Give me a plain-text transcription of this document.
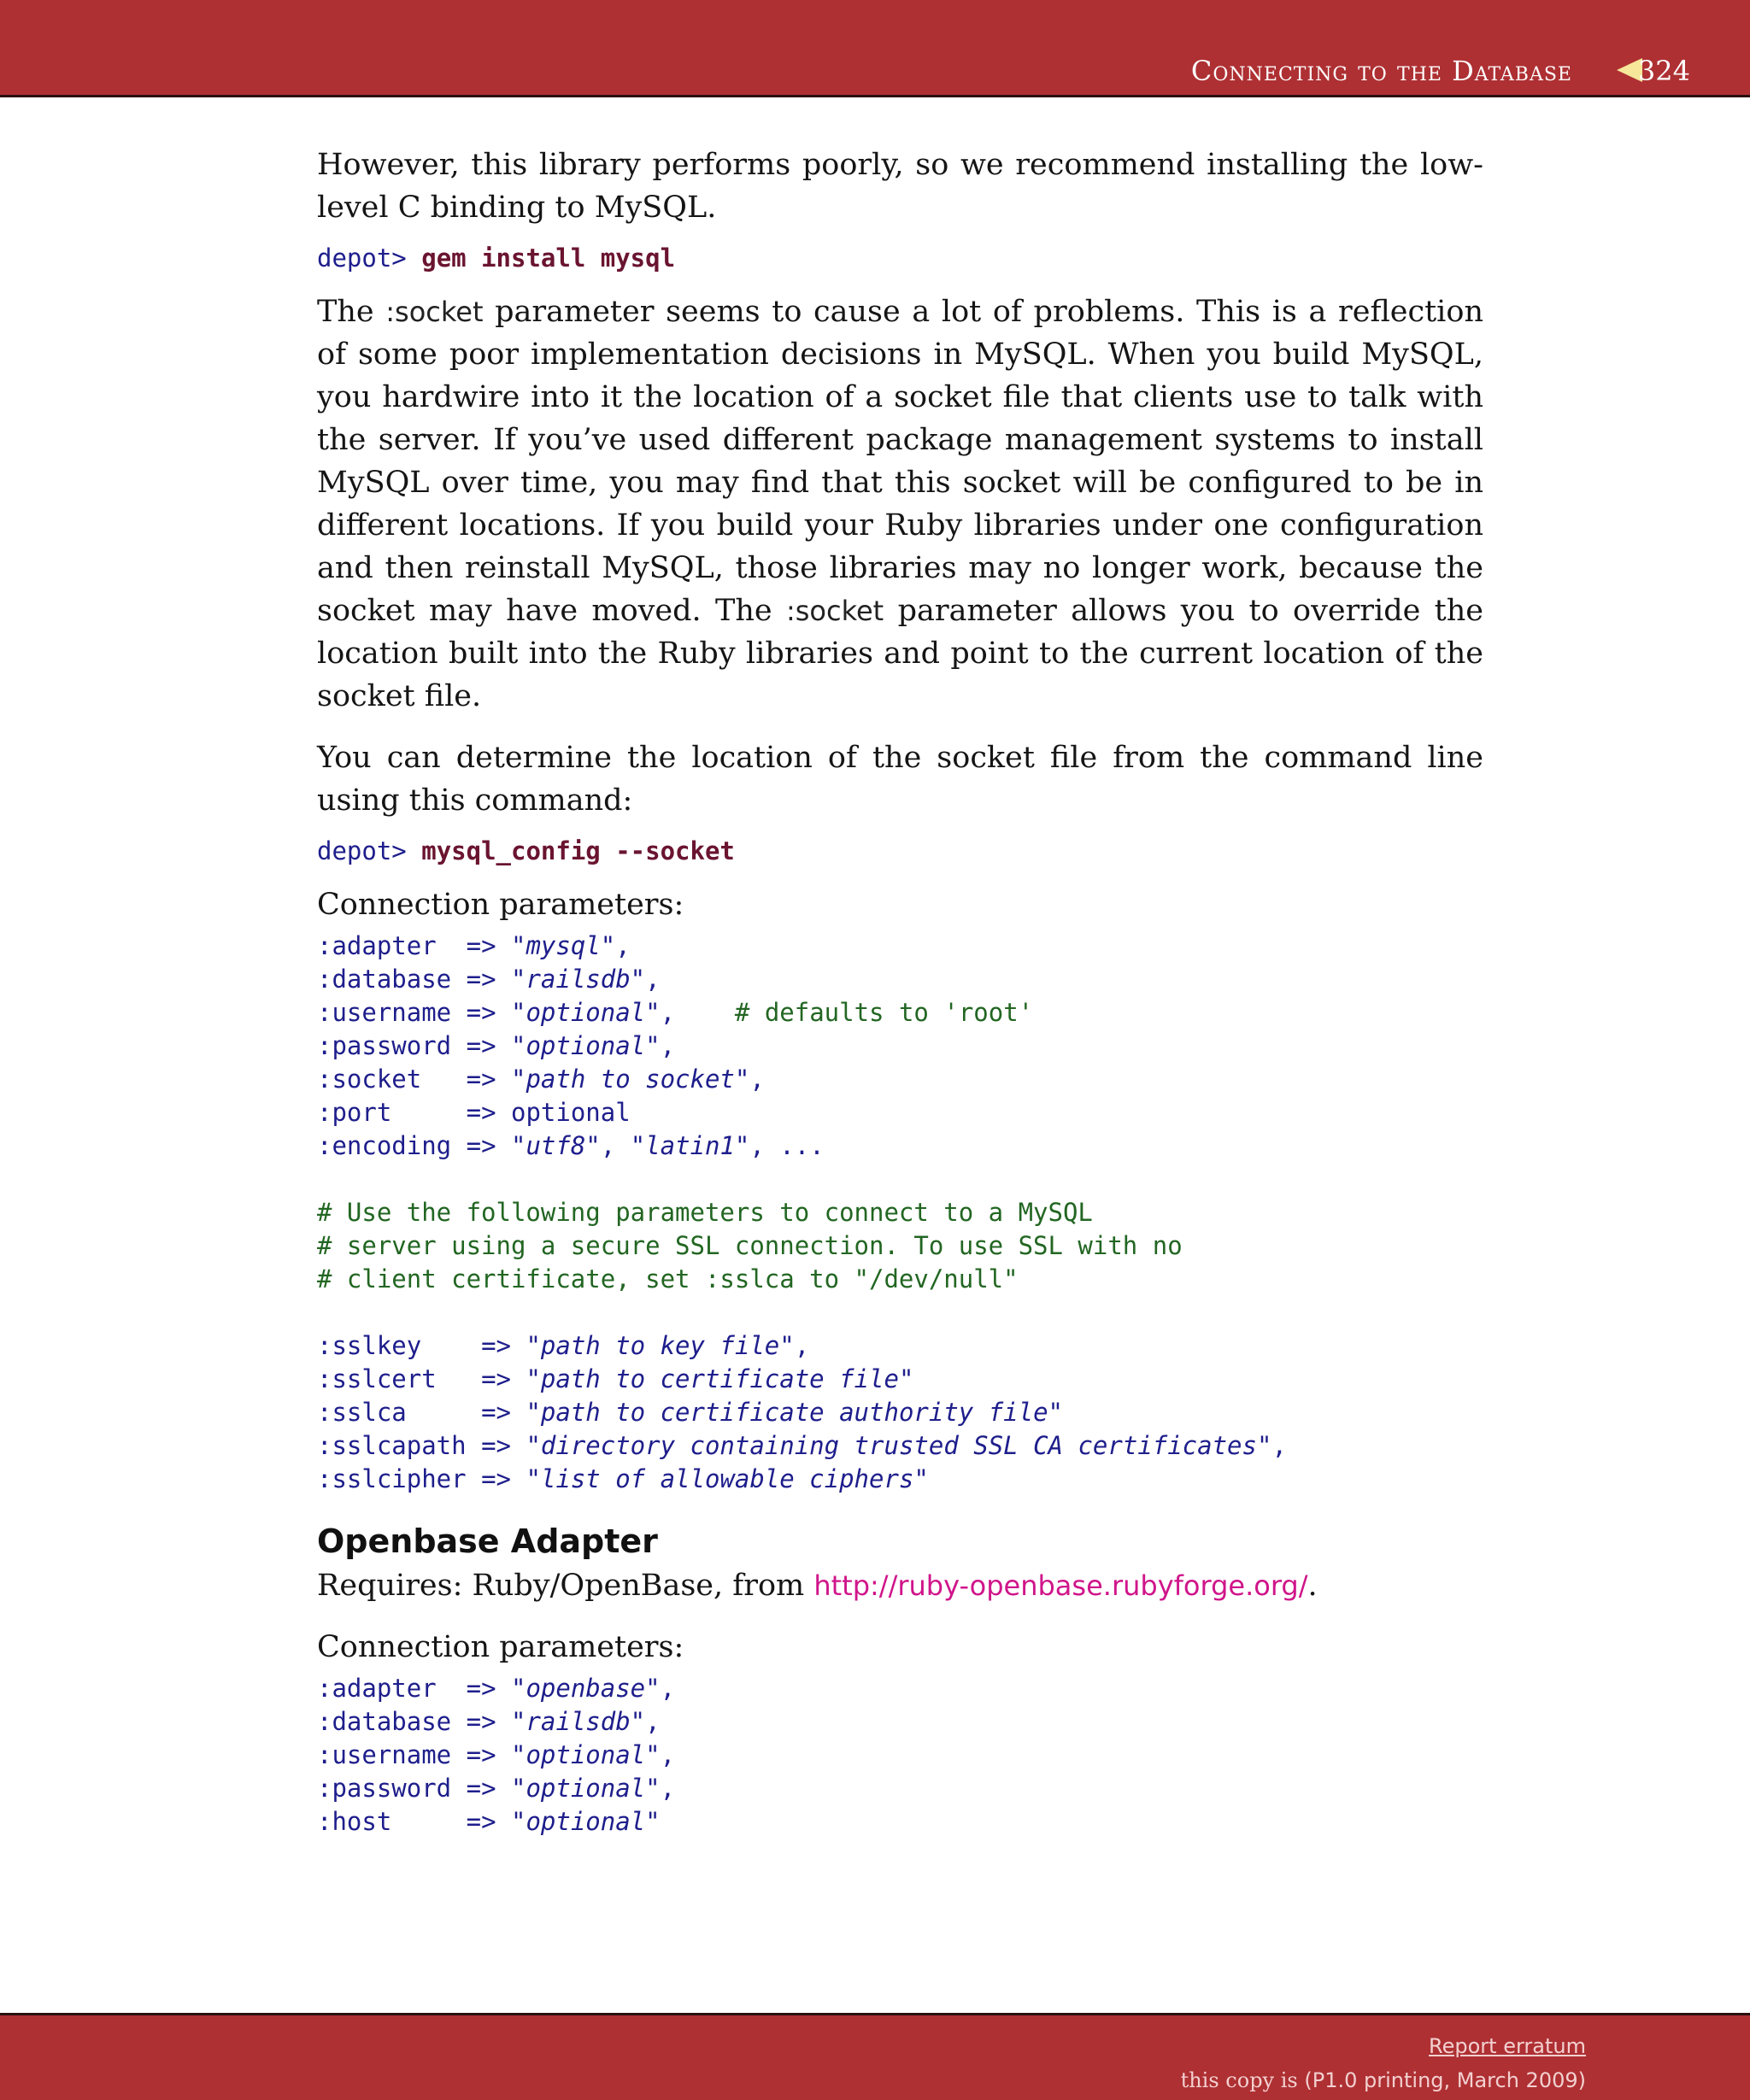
Connecting to the Database 324

However, this library performs poorly, so we recommend installing the low-level C binding to MySQL.

depot> gem install mysql

The :socket parameter seems to cause a lot of problems. This is a reflection of some poor implementation decisions in MySQL. When you build MySQL, you hardwire into it the location of a socket file that clients use to talk with the server. If you’ve used different package management systems to install MySQL over time, you may find that this socket will be configured to be in different locations. If you build your Ruby libraries under one configuration and then reinstall MySQL, those libraries may no longer work, because the socket may have moved. The :socket parameter allows you to override the location built into the Ruby libraries and point to the current location of the socket file.

You can determine the location of the socket file from the command line using this command:

depot> mysql_config --socket

Connection parameters:

:adapter  => "mysql",
:database => "railsdb",
:username => "optional",    # defaults to 'root'
:password => "optional",
:socket   => "path to socket",
:port     => optional
:encoding => "utf8", "latin1", ...

# Use the following parameters to connect to a MySQL
# server using a secure SSL connection. To use SSL with no
# client certificate, set :sslca to "/dev/null"

:sslkey    => "path to key file",
:sslcert   => "path to certificate file"
:sslca     => "path to certificate authority file"
:sslcapath => "directory containing trusted SSL CA certificates",
:sslcipher => "list of allowable ciphers"
Openbase Adapter

Requires: Ruby/OpenBase, from http://ruby-openbase.rubyforge.org/.

Connection parameters:

:adapter  => "openbase",
:database => "railsdb",
:username => "optional",
:password => "optional",
:host     => "optional"
Report erratum
this copy is (P1.0 printing, March 2009)
